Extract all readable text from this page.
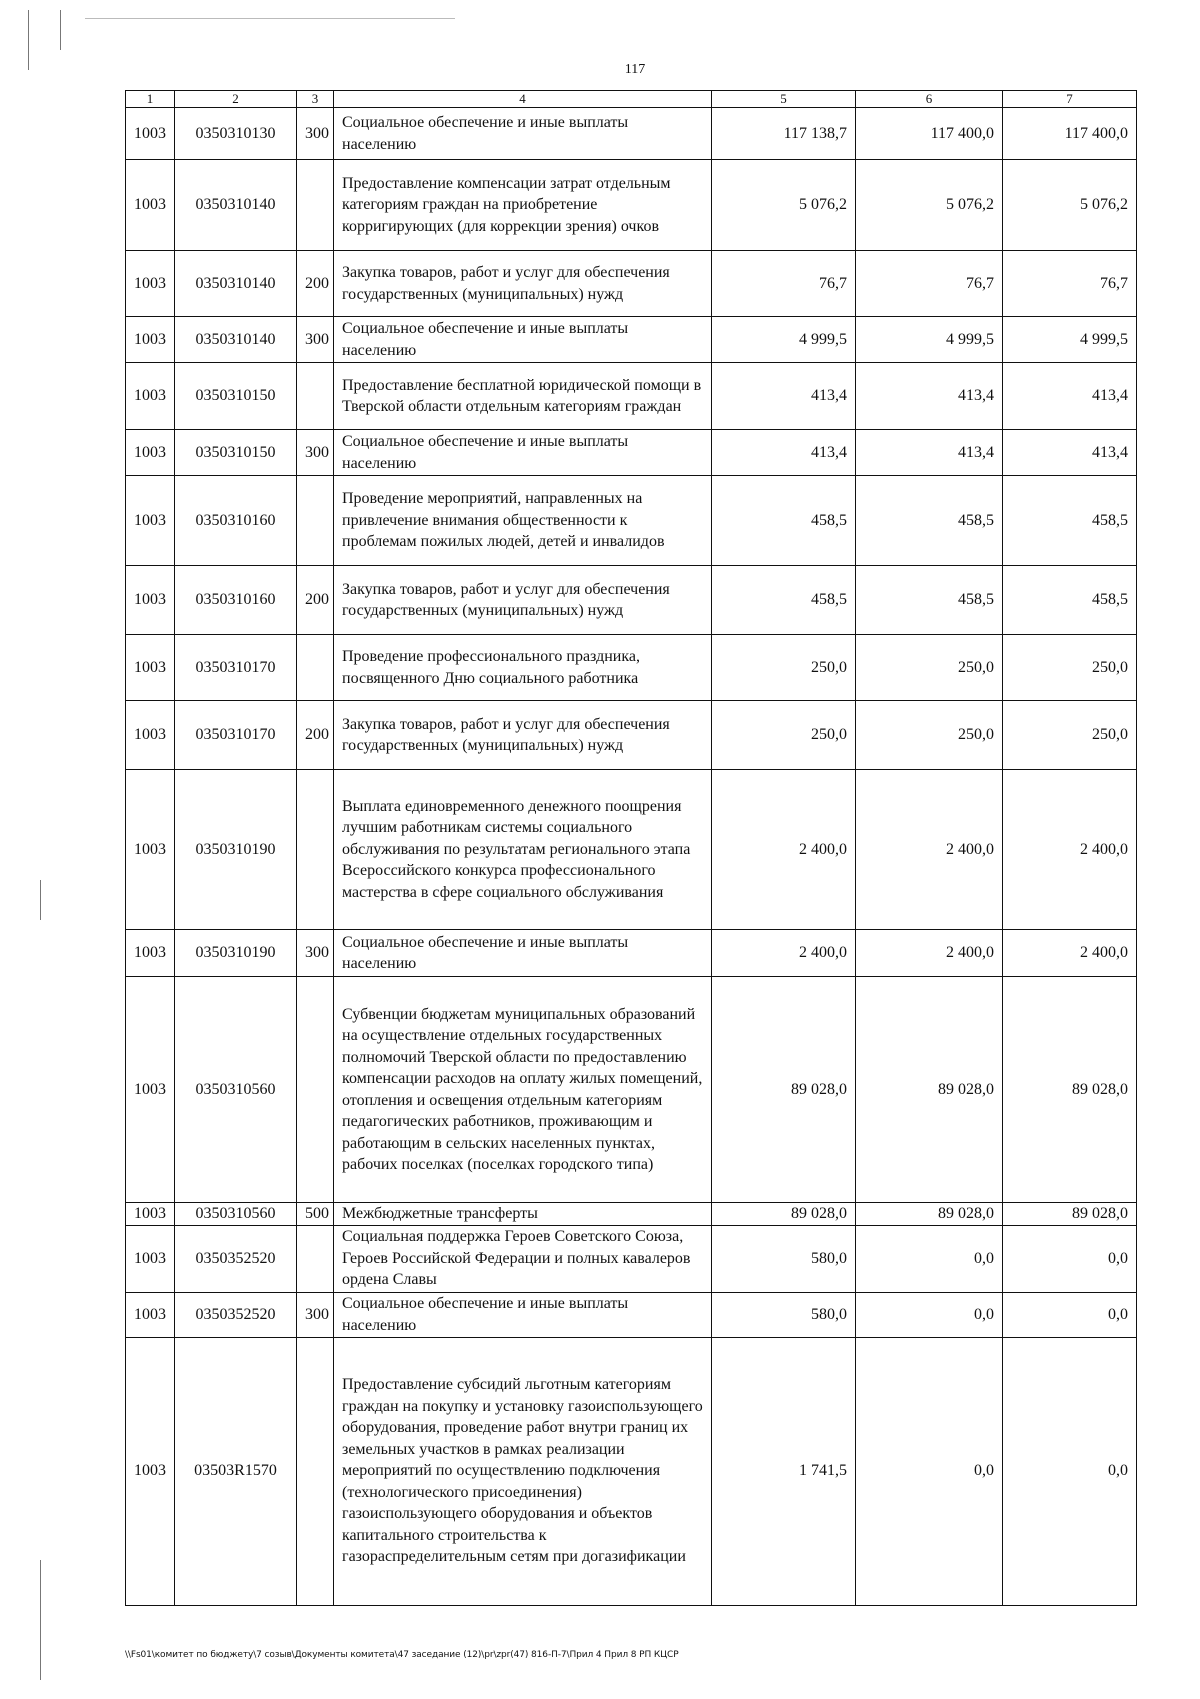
117
1	2	3	4	5	6	7
1003	0350310130	300	Социальное обеспечение и иные выплаты населению	117 138,7	117 400,0	117 400,0
1003	0350310140		Предоставление компенсации затрат отдельным категориям граждан на приобретение корригирующих (для коррекции зрения) очков	5 076,2	5 076,2	5 076,2
1003	0350310140	200	Закупка товаров, работ и услуг для обеспечения государственных (муниципальных) нужд	76,7	76,7	76,7
1003	0350310140	300	Социальное обеспечение и иные выплаты населению	4 999,5	4 999,5	4 999,5
1003	0350310150		Предоставление бесплатной юридической помощи в Тверской области отдельным категориям граждан	413,4	413,4	413,4
1003	0350310150	300	Социальное обеспечение и иные выплаты населению	413,4	413,4	413,4
1003	0350310160		Проведение мероприятий, направленных на привлечение внимания общественности к проблемам пожилых людей, детей и инвалидов	458,5	458,5	458,5
1003	0350310160	200	Закупка товаров, работ и услуг для обеспечения государственных (муниципальных) нужд	458,5	458,5	458,5
1003	0350310170		Проведение профессионального праздника, посвященного Дню социального работника	250,0	250,0	250,0
1003	0350310170	200	Закупка товаров, работ и услуг для обеспечения государственных (муниципальных) нужд	250,0	250,0	250,0
1003	0350310190		Выплата единовременного денежного поощрения лучшим работникам системы социального обслуживания по результатам регионального этапа Всероссийского конкурса профессионального мастерства в сфере социального обслуживания	2 400,0	2 400,0	2 400,0
1003	0350310190	300	Социальное обеспечение и иные выплаты населению	2 400,0	2 400,0	2 400,0
1003	0350310560		Субвенции бюджетам муниципальных образований на осуществление отдельных государственных полномочий Тверской области по предоставлению компенсации расходов на оплату жилых помещений, отопления и освещения отдельным категориям педагогических работников, проживающим и работающим в сельских населенных пунктах, рабочих поселках (поселках городского типа)	89 028,0	89 028,0	89 028,0
1003	0350310560	500	Межбюджетные трансферты	89 028,0	89 028,0	89 028,0
1003	0350352520		Социальная поддержка Героев Советского Союза, Героев Российской Федерации и полных кавалеров ордена Славы	580,0	0,0	0,0
1003	0350352520	300	Социальное обеспечение и иные выплаты населению	580,0	0,0	0,0
1003	03503R1570		Предоставление субсидий льготным категориям граждан на покупку и установку газоиспользующего оборудования, проведение работ внутри границ их земельных участков в рамках реализации мероприятий по осуществлению подключения (технологического присоединения) газоиспользующего оборудования и объектов капитального строительства к газораспределительным сетям при догазификации	1 741,5	0,0	0,0
\\Fs01\комитет по бюджету\7 созыв\Документы комитета\47 заседание (12)\pr\zpr(47) 816-П-7\Прил 4 Прил 8 РП КЦСР
